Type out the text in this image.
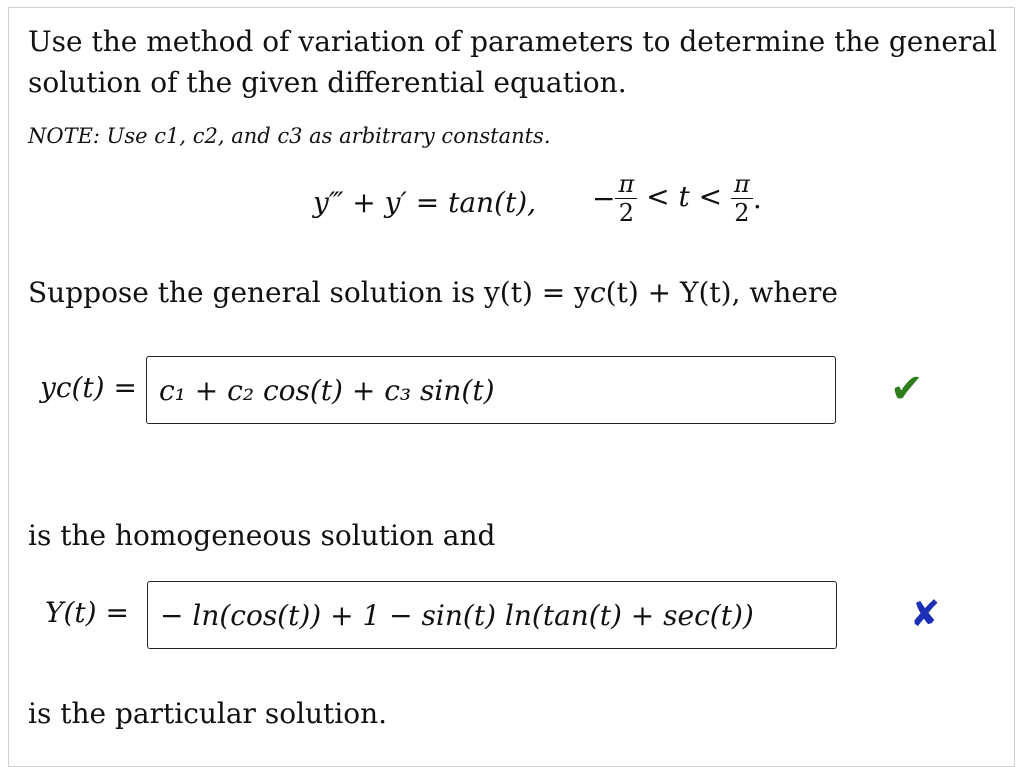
Use the method of variation of parameters to determine the general
solution of the given differential equation.
NOTE: Use c1, c2, and c3 as arbitrary constants.
y‴ + y′ = tan(t), − $\frac{\pi}{2} < t < \frac{\pi}{2}$ .
Suppose the general solution is y(t) = y𝑐(t) + Y(t), where
y𝑐(t) = c₁ + c₂ cos(t) + c₃ sin(t)	✔
is the homogeneous solution and
Y(t) = − ln(cos(t)) + 1 − sin(t) ln(tan(t) + sec(t))	✘
is the particular solution.
